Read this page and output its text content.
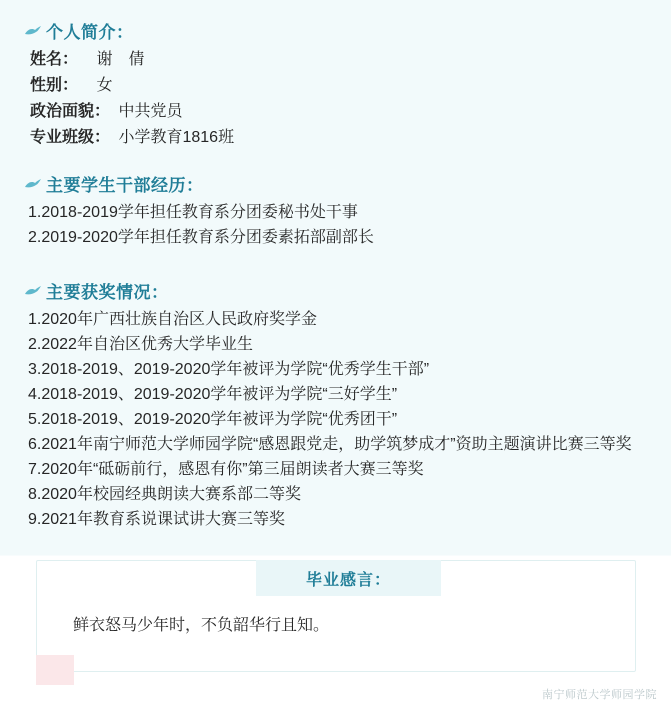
个人简介：
姓名： 谢　倩
性别： 女
政治面貌： 中共党员
专业班级： 小学教育1816班
主要学生干部经历：
1.2018-2019学年担任教育系分团委秘书处干事
2.2019-2020学年担任教育系分团委素拓部副部长
主要获奖情况：
1.2020年广西壮族自治区人民政府奖学金
2.2022年自治区优秀大学毕业生
3.2018-2019、2019-2020学年被评为学院“优秀学生干部”
4.2018-2019、2019-2020学年被评为学院“三好学生”
5.2018-2019、2019-2020学年被评为学院“优秀团干”
6.2021年南宁师范大学师园学院“感恩跟党走，助学筑梦成才”资助主题演讲比赛三等奖
7.2020年“砥砺前行，感恩有你”第三届朗读者大赛三等奖
8.2020年校园经典朗读大赛系部二等奖
9.2021年教育系说课试讲大赛三等奖
毕业感言：
鲜衣怒马少年时，不负韶华行且知。
南宁师范大学师园学院
